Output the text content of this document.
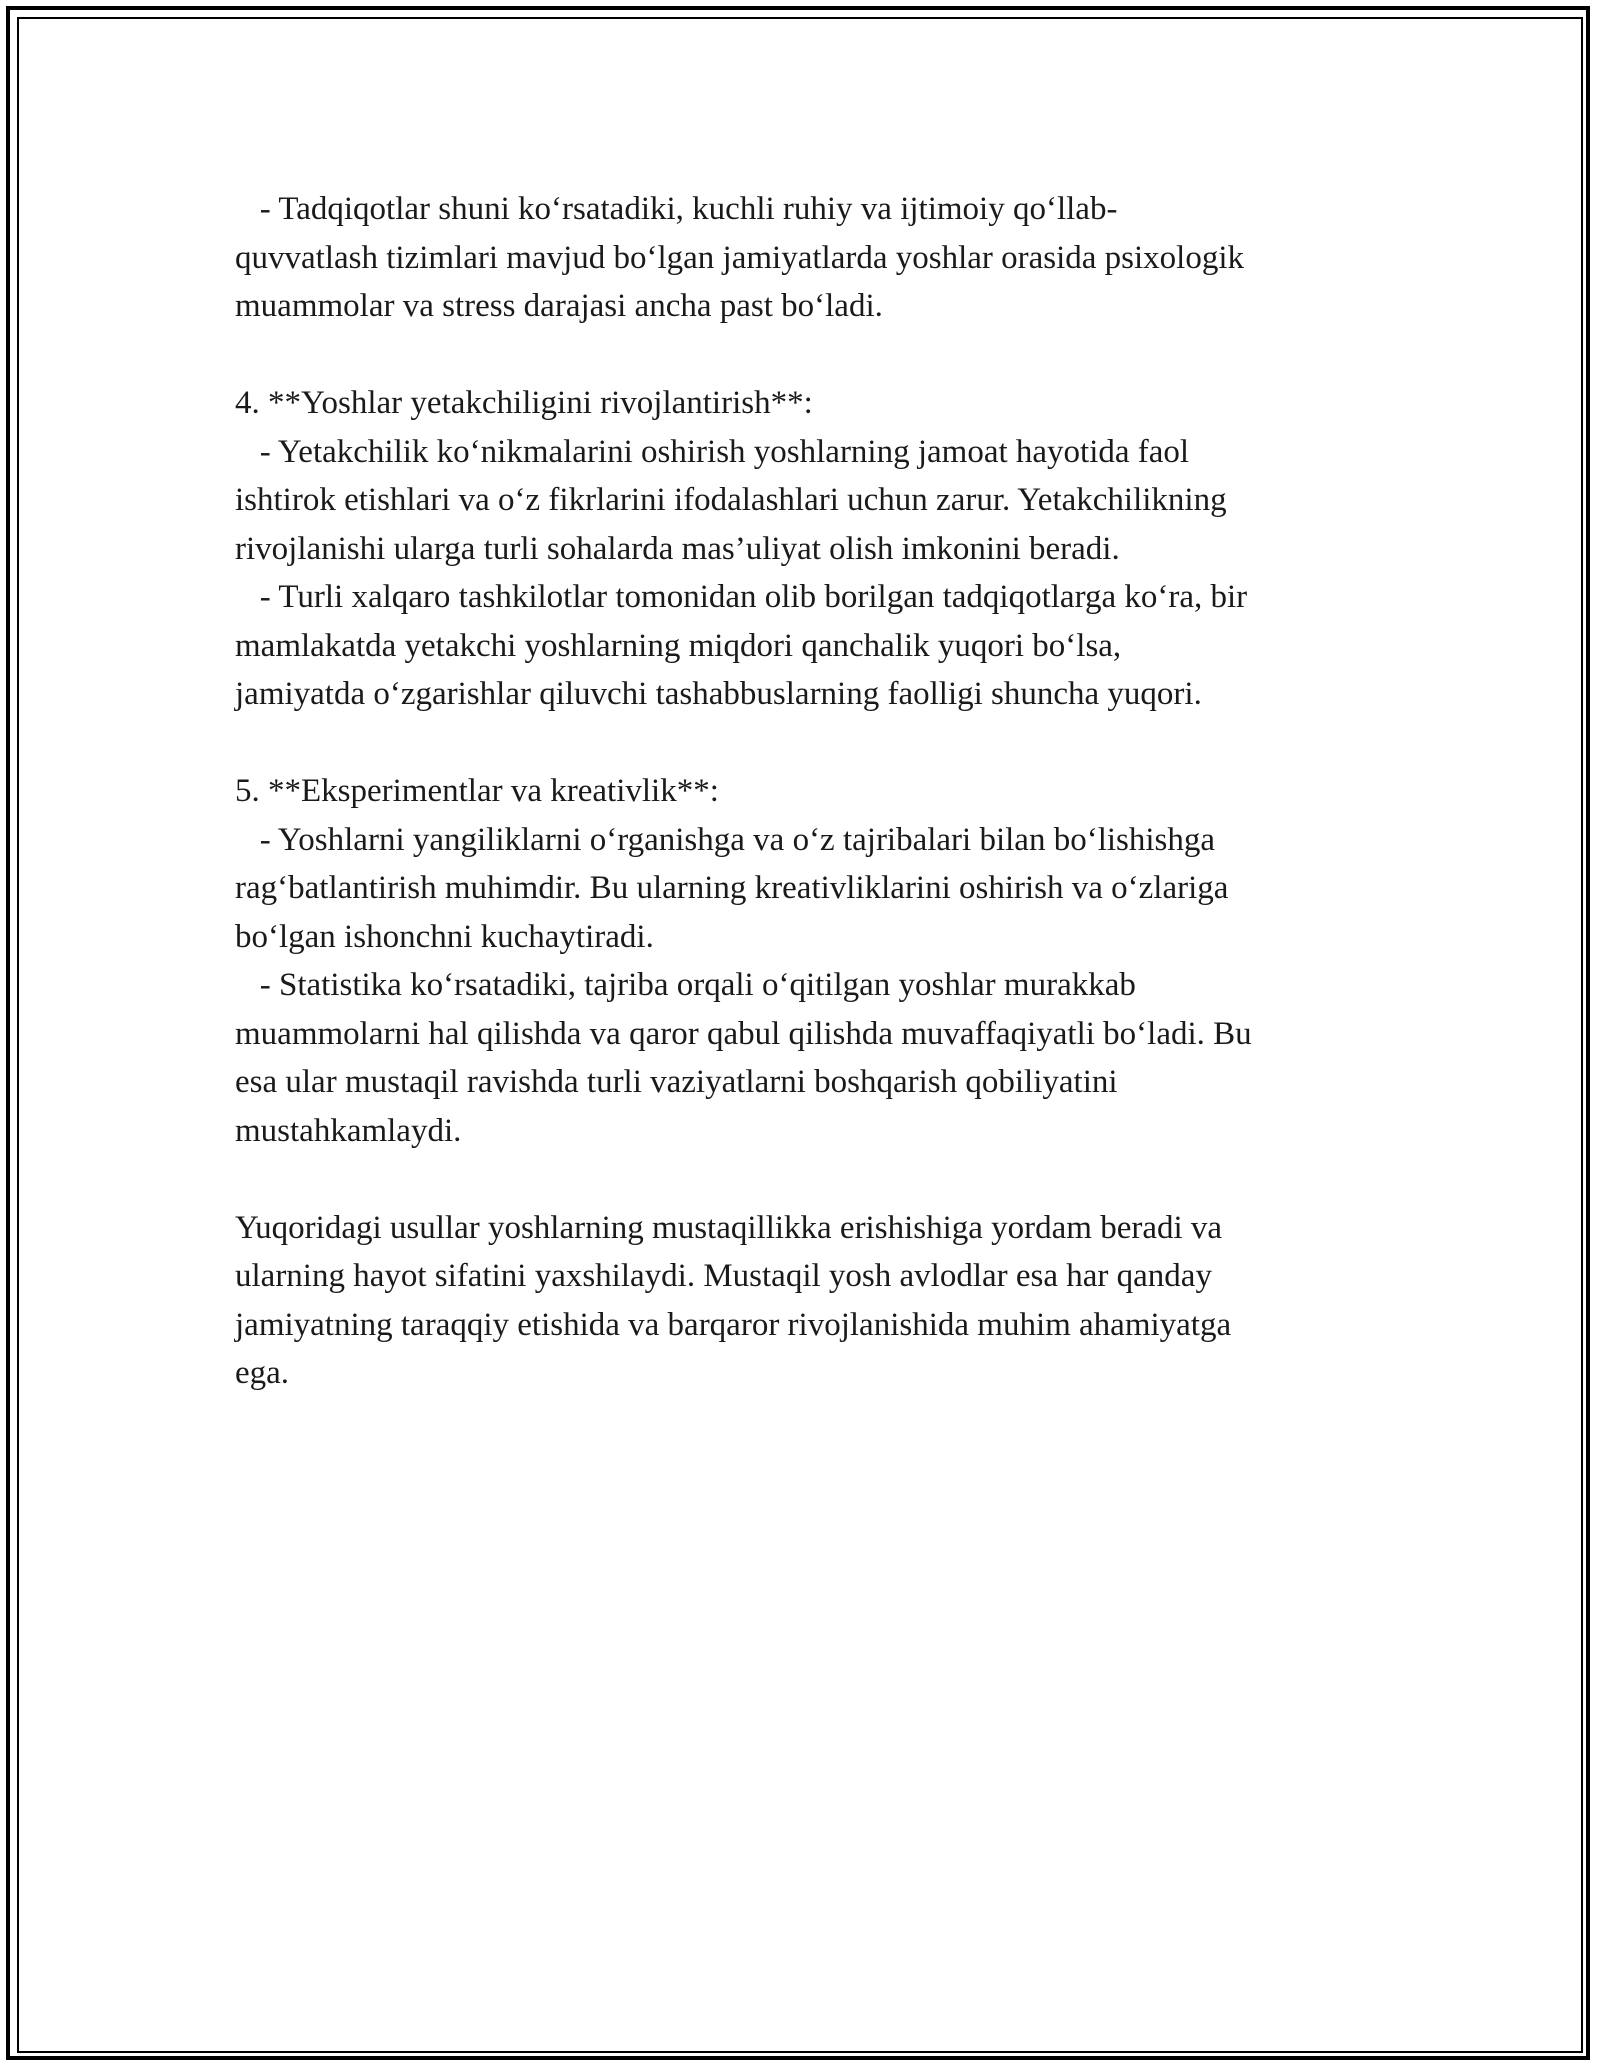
- Tadqiqotlar shuni ko‘rsatadiki, kuchli ruhiy va ijtimoiy qo‘llab-
quvvatlash tizimlari mavjud bo‘lgan jamiyatlarda yoshlar orasida psixologik
muammolar va stress darajasi ancha past bo‘ladi.
4. **Yoshlar yetakchiligini rivojlantirish**:
- Yetakchilik ko‘nikmalarini oshirish yoshlarning jamoat hayotida faol
ishtirok etishlari va o‘z fikrlarini ifodalashlari uchun zarur. Yetakchilikning
rivojlanishi ularga turli sohalarda mas’uliyat olish imkonini beradi.
- Turli xalqaro tashkilotlar tomonidan olib borilgan tadqiqotlarga ko‘ra, bir
mamlakatda yetakchi yoshlarning miqdori qanchalik yuqori bo‘lsa,
jamiyatda o‘zgarishlar qiluvchi tashabbuslarning faolligi shuncha yuqori.
5. **Eksperimentlar va kreativlik**:
- Yoshlarni yangiliklarni o‘rganishga va o‘z tajribalari bilan bo‘lishishga
rag‘batlantirish muhimdir. Bu ularning kreativliklarini oshirish va o‘zlariga
bo‘lgan ishonchni kuchaytiradi.
- Statistika ko‘rsatadiki, tajriba orqali o‘qitilgan yoshlar murakkab
muammolarni hal qilishda va qaror qabul qilishda muvaffaqiyatli bo‘ladi. Bu
esa ular mustaqil ravishda turli vaziyatlarni boshqarish qobiliyatini
mustahkamlaydi.
Yuqoridagi usullar yoshlarning mustaqillikka erishishiga yordam beradi va
ularning hayot sifatini yaxshilaydi. Mustaqil yosh avlodlar esa har qanday
jamiyatning taraqqiy etishida va barqaror rivojlanishida muhim ahamiyatga
ega.
